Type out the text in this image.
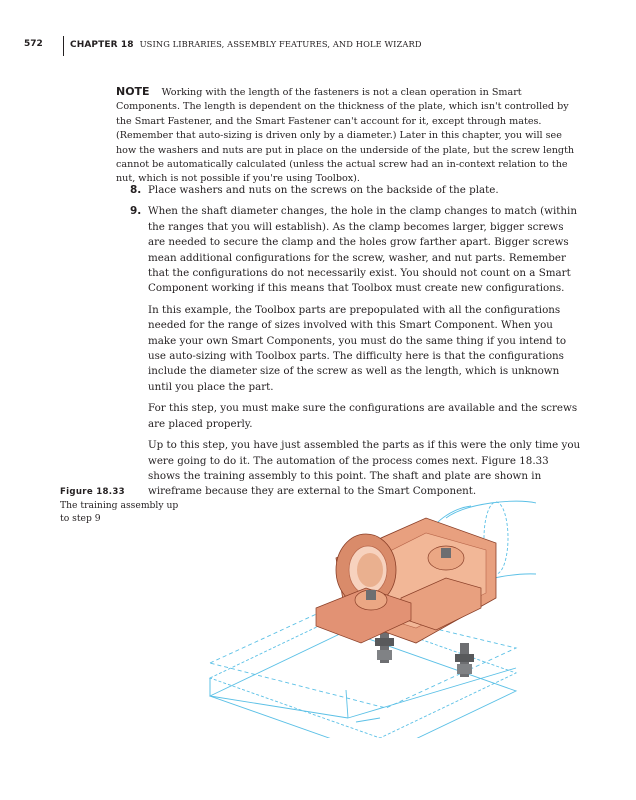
572	CHAPTER 18 USING LIBRARIES, ASSEMBLY FEATURES, AND HOLE WIZARD
NOTE Working with the length of the fasteners is not a clean operation in Smart Components. The length is dependent on the thickness of the plate, which isn't controlled by the Smart Fastener, and the Smart Fastener can't account for it, except through mates. (Remember that auto-sizing is driven only by a diameter.) Later in this chapter, you will see how the washers and nuts are put in place on the underside of the plate, but the screw length cannot be automatically calculated (unless the actual screw had an in-context relation to the nut, which is not possible if you're using Toolbox).
8. Place washers and nuts on the screws on the backside of the plate.
9. When the shaft diameter changes, the hole in the clamp changes to match (within the ranges that you will establish). As the clamp becomes larger, bigger screws are needed to secure the clamp and the holes grow farther apart. Bigger screws mean additional configurations for the screw, washer, and nut parts. Remember that the configurations do not necessarily exist. You should not count on a Smart Component working if this means that Toolbox must create new configurations.

In this example, the Toolbox parts are prepopulated with all the configurations needed for the range of sizes involved with this Smart Component. When you make your own Smart Components, you must do the same thing if you intend to use auto-sizing with Toolbox parts. The difficulty here is that the configurations include the diameter size of the screw as well as the length, which is unknown until you place the part.

For this step, you must make sure the configurations are available and the screws are placed properly.

Up to this step, you have just assembled the parts as if this were the only time you were going to do it. The automation of the process comes next. Figure 18.33 shows the training assembly to this point. The shaft and plate are shown in wireframe because they are external to the Smart Component.

Figure 18.33
The training assembly up to step 9
